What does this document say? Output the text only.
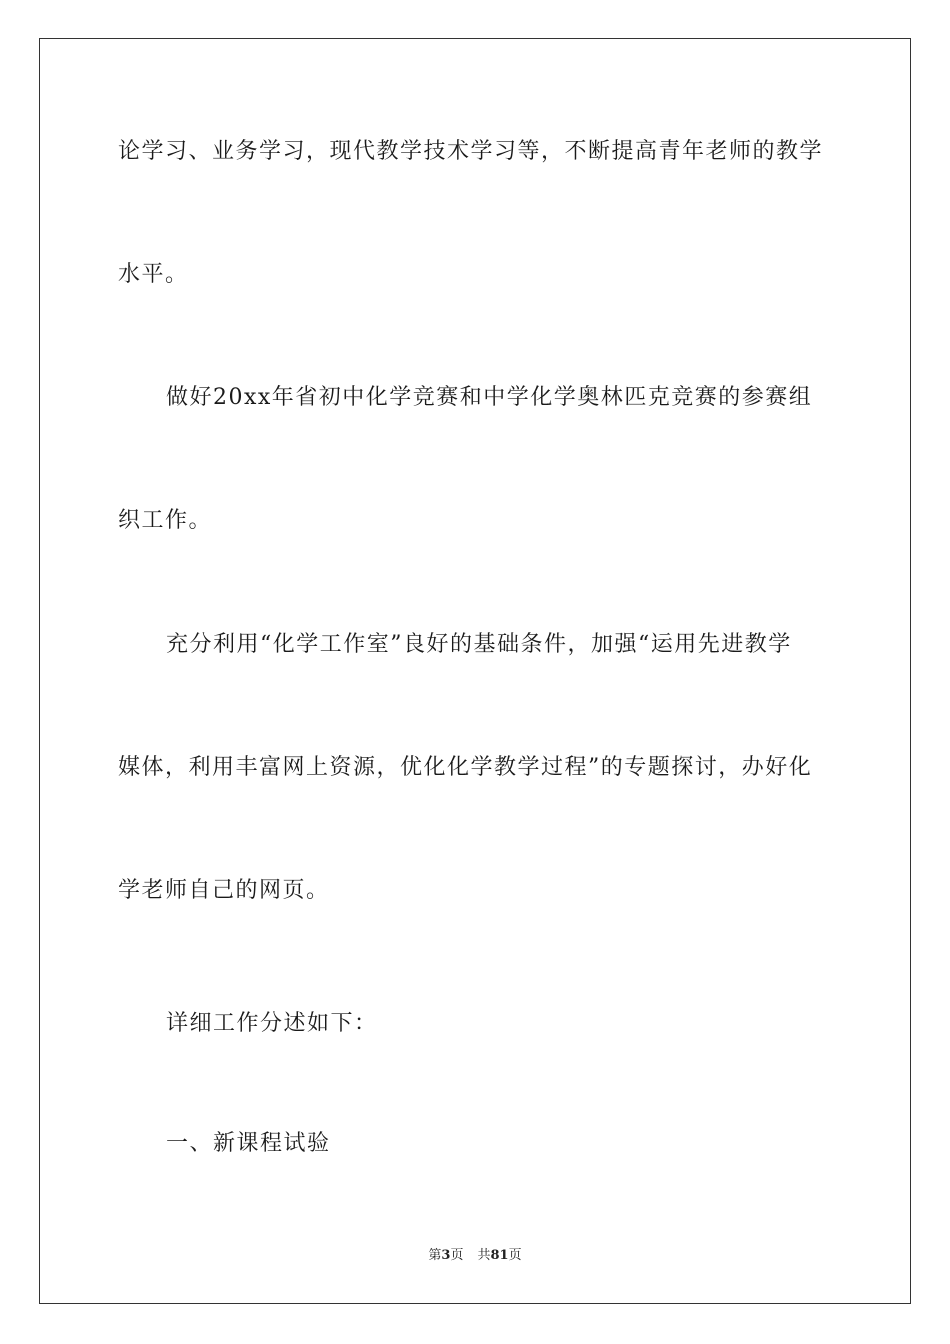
论学习、业务学习，现代教学技术学习等，不断提高青年老师的教学
水平。
做好20xx年省初中化学竞赛和中学化学奥林匹克竞赛的参赛组
织工作。
充分利用“化学工作室”良好的基础条件，加强“运用先进教学
媒体，利用丰富网上资源，优化化学教学过程”的专题探讨，办好化
学老师自己的网页。
详细工作分述如下：
一、新课程试验
第3页 共81页
